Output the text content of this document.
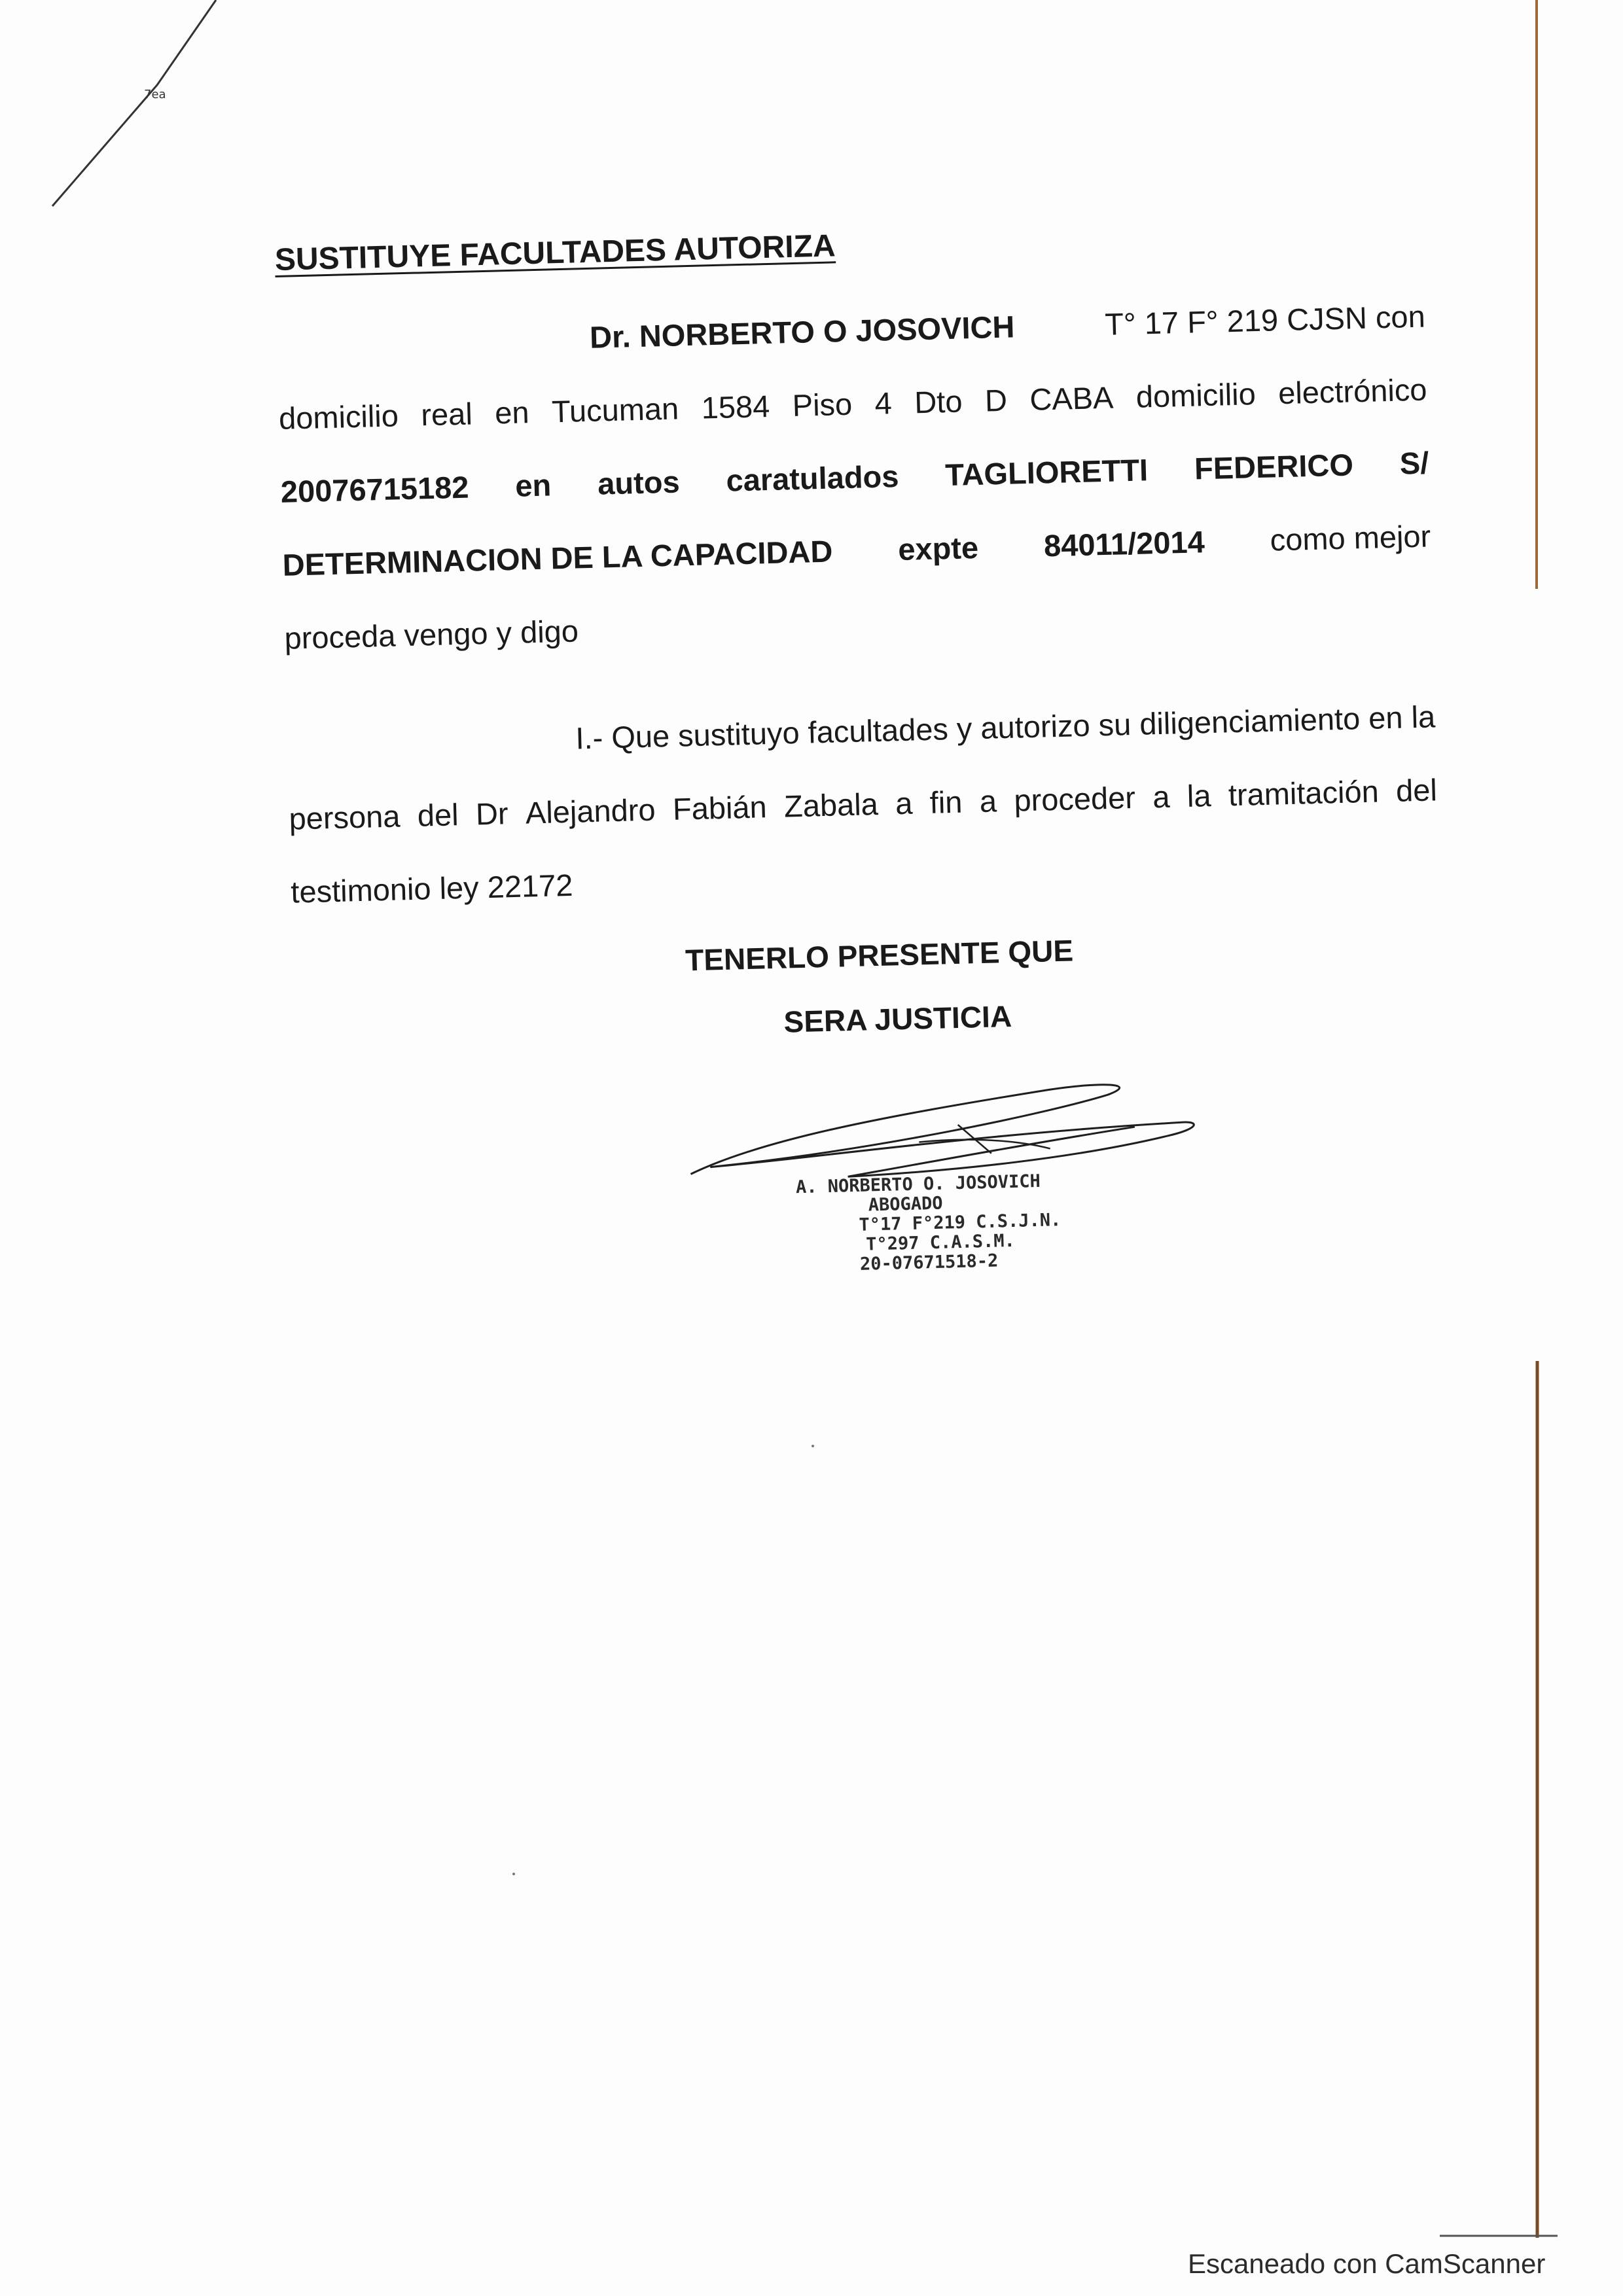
7ea
SUSTITUYE FACULTADES AUTORIZA
Dr. NORBERTO O JOSOVICH	T° 17 F° 219 CJSN con
domicilio real en Tucuman 1584 Piso 4 Dto D CABA domicilio electrónico
20076715182 en autos caratulados TAGLIORETTI FEDERICO S/
DETERMINACION DE LA CAPACIDAD expte 84011/2014 como mejor
proceda vengo y digo
I.- Que sustituyo facultades y autorizo su diligenciamiento en la
persona del Dr Alejandro Fabián Zabala a fin a proceder a la tramitación del
testimonio ley 22172
TENERLO PRESENTE QUE
SERA JUSTICIA
A. NORBERTO O. JOSOVICH
ABOGADO
T°17 F°219 C.S.J.N.
T°297 C.A.S.M.
20-07671518-2
Escaneado con CamScanner
